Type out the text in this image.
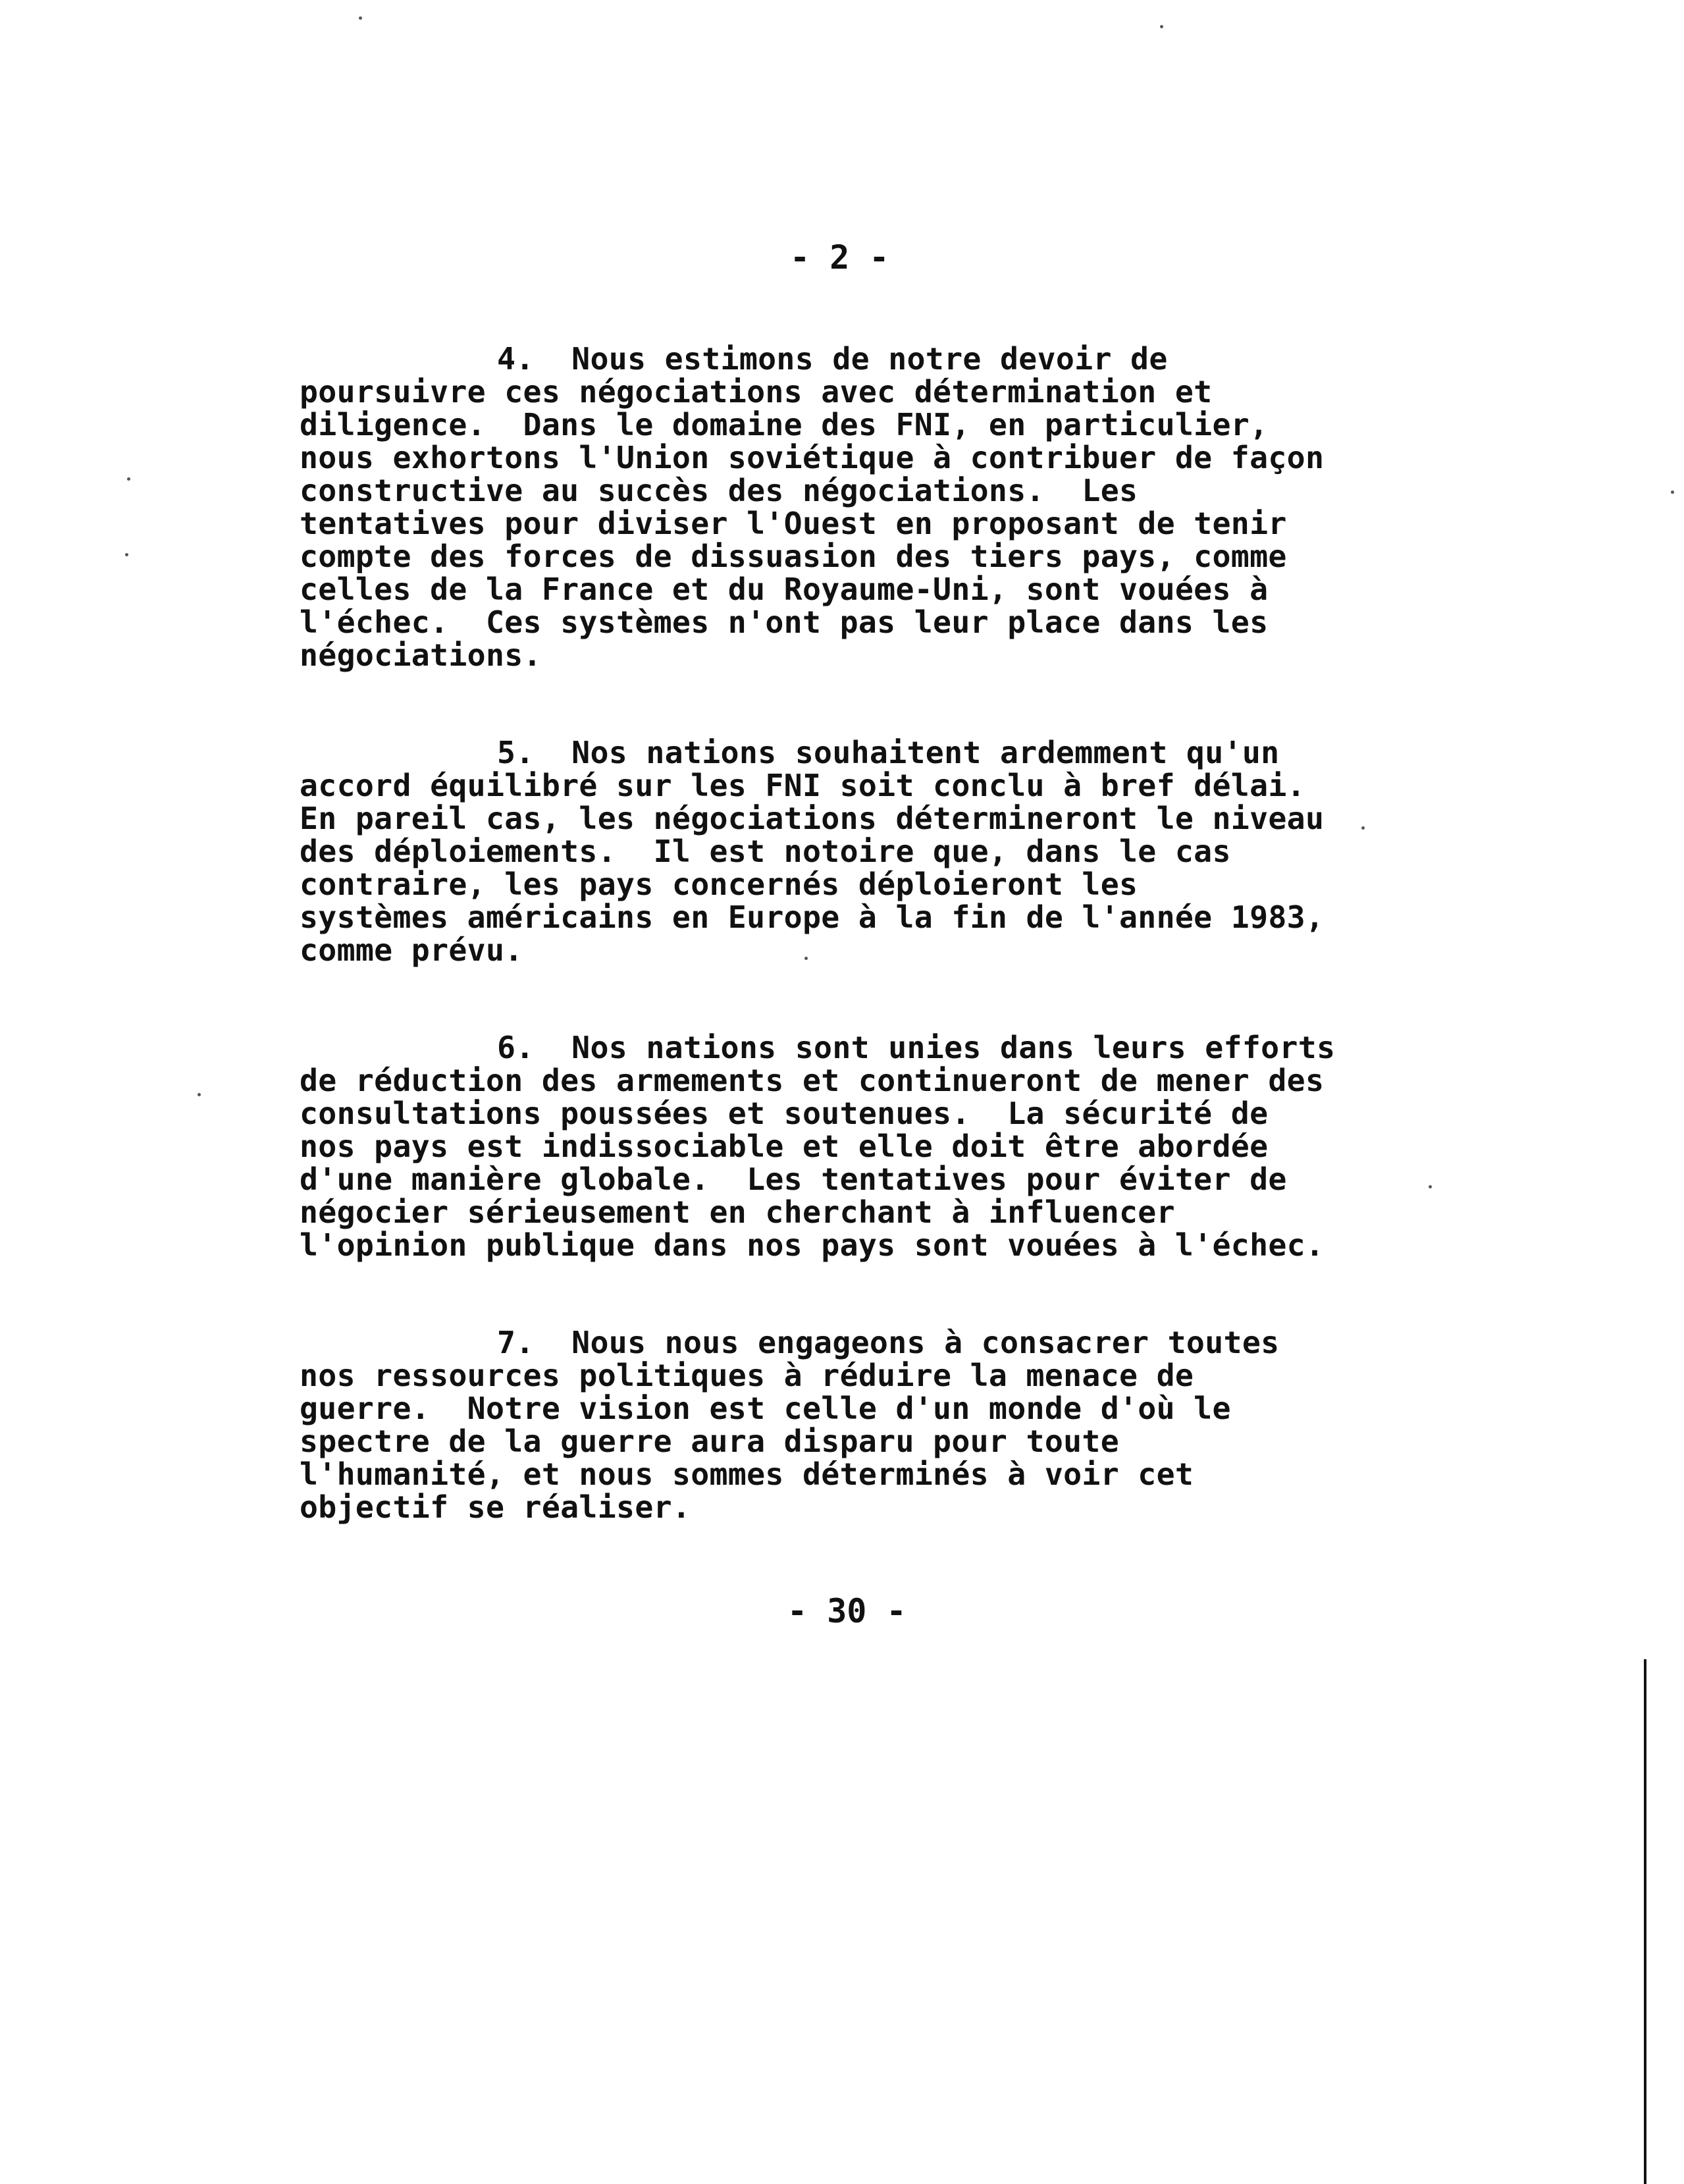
- 2 -
4.  Nous estimons de notre devoir de
poursuivre ces négociations avec détermination et
diligence.  Dans le domaine des FNI, en particulier,
nous exhortons l'Union soviétique à contribuer de façon
constructive au succès des négociations.  Les
tentatives pour diviser l'Ouest en proposant de tenir
compte des forces de dissuasion des tiers pays, comme
celles de la France et du Royaume-Uni, sont vouées à
l'échec.  Ces systèmes n'ont pas leur place dans les
négociations.
5.  Nos nations souhaitent ardemment qu'un
accord équilibré sur les FNI soit conclu à bref délai.
En pareil cas, les négociations détermineront le niveau
des déploiements.  Il est notoire que, dans le cas
contraire, les pays concernés déploieront les
systèmes américains en Europe à la fin de l'année 1983,
comme prévu.
6.  Nos nations sont unies dans leurs efforts
de réduction des armements et continueront de mener des
consultations poussées et soutenues.  La sécurité de
nos pays est indissociable et elle doit être abordée
d'une manière globale.  Les tentatives pour éviter de
négocier sérieusement en cherchant à influencer
l'opinion publique dans nos pays sont vouées à l'échec.
7.  Nous nous engageons à consacrer toutes
nos ressources politiques à réduire la menace de
guerre.  Notre vision est celle d'un monde d'où le
spectre de la guerre aura disparu pour toute
l'humanité, et nous sommes déterminés à voir cet
objectif se réaliser.
- 30 -
